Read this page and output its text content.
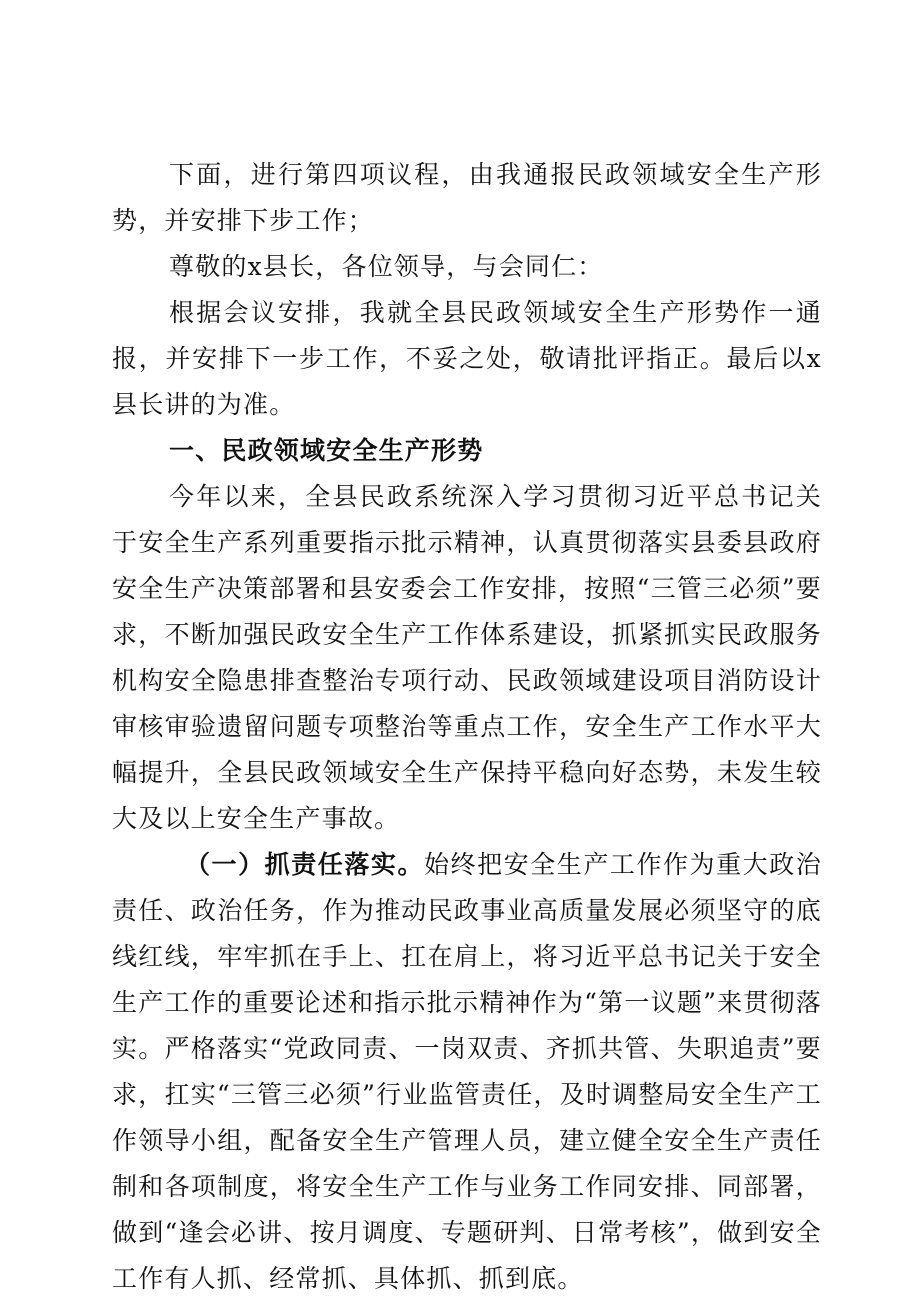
下面，进行第四项议程，由我通报民政领域安全生产形势，并安排下步工作；

尊敬的x县长，各位领导，与会同仁：

根据会议安排，我就全县民政领域安全生产形势作一通报，并安排下一步工作，不妥之处，敬请批评指正。最后以x县长讲的为准。

一、民政领域安全生产形势

今年以来，全县民政系统深入学习贯彻习近平总书记关于安全生产系列重要指示批示精神，认真贯彻落实县委县政府安全生产决策部署和县安委会工作安排，按照“三管三必须”要求，不断加强民政安全生产工作体系建设，抓紧抓实民政服务机构安全隐患排查整治专项行动、民政领域建设项目消防设计审核审验遗留问题专项整治等重点工作，安全生产工作水平大幅提升，全县民政领域安全生产保持平稳向好态势，未发生较大及以上安全生产事故。

（一）抓责任落实。始终把安全生产工作作为重大政治责任、政治任务，作为推动民政事业高质量发展必须坚守的底线红线，牢牢抓在手上、扛在肩上，将习近平总书记关于安全生产工作的重要论述和指示批示精神作为“第一议题”来贯彻落实。严格落实“党政同责、一岗双责、齐抓共管、失职追责”要求，扛实“三管三必须”行业监管责任，及时调整局安全生产工作领导小组，配备安全生产管理人员，建立健全安全生产责任制和各项制度，将安全生产工作与业务工作同安排、同部署，做到“逢会必讲、按月调度、专题研判、日常考核”，做到安全工作有人抓、经常抓、具体抓、抓到底。
